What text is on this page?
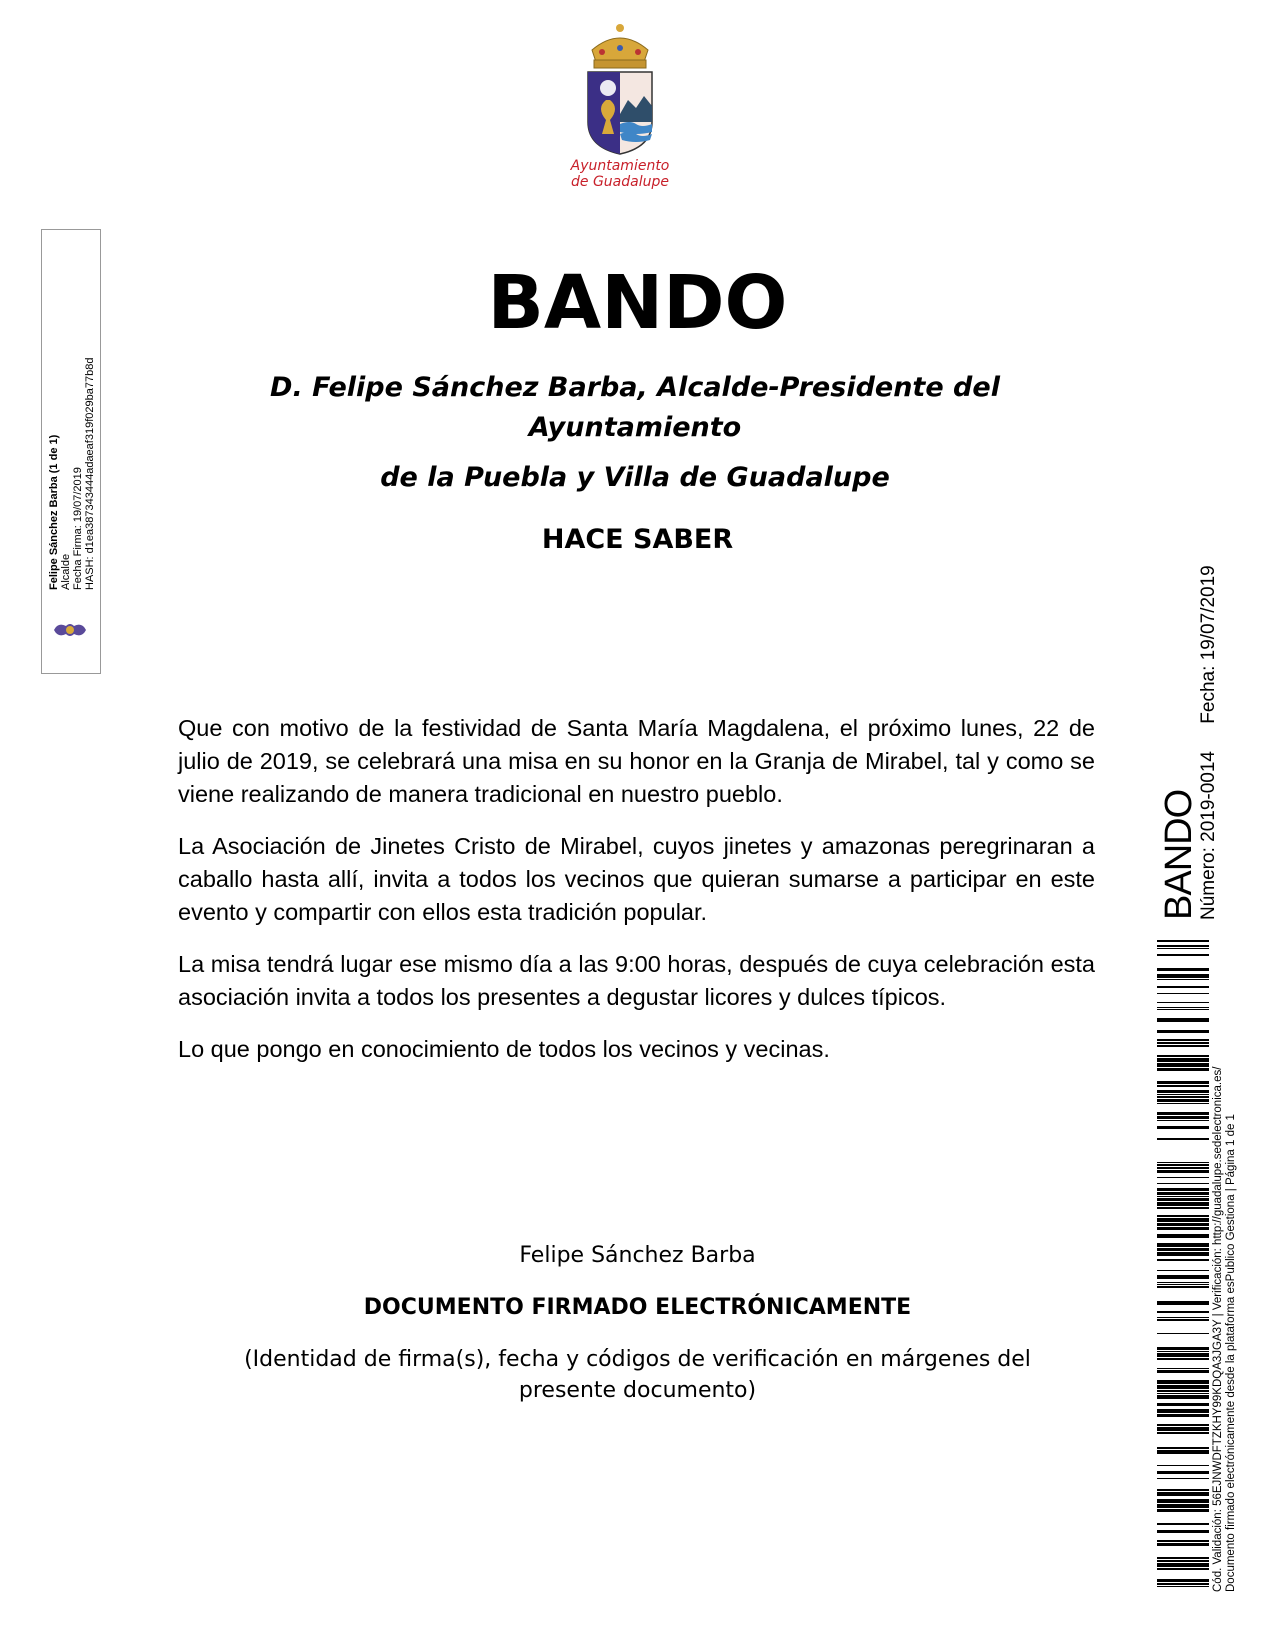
Ayuntamiento
de Guadalupe
Felipe Sánchez Barba (1 de 1) Alcalde Fecha Firma: 19/07/2019 HASH: d1ea387343444adaeaf319f029ba77b8d
BANDO
D. Felipe Sánchez Barba, Alcalde-Presidente del Ayuntamiento
de la Puebla y Villa de Guadalupe
HACE SABER

Que con motivo de la festividad de Santa María Magdalena, el próximo lunes, 22 de julio de 2019, se celebrará una misa en su honor en la Granja de Mirabel, tal y como se viene realizando de manera tradicional en nuestro pueblo.

La Asociación de Jinetes Cristo de Mirabel, cuyos jinetes y amazonas peregrinaran a caballo hasta allí, invita a todos los vecinos que quieran sumarse a participar en este evento y compartir con ellos esta tradición popular.

La misa tendrá lugar ese mismo día a las 9:00 horas, después de cuya celebración esta asociación invita a todos los presentes a degustar licores y dulces típicos.

Lo que pongo en conocimiento de todos los vecinos y vecinas.

Felipe Sánchez Barba
DOCUMENTO FIRMADO ELECTRÓNICAMENTE
(Identidad de firma(s), fecha y códigos de verificación en márgenes del presente documento)
BANDO
Número: 2019-0014 Fecha: 19/07/2019
Cód. Validación: 56EJNWDFTZKHY99KDQA3JGA3Y | Verificación: http://guadalupe.sedelectronica.es/ Documento firmado electrónicamente desde la plataforma esPublico Gestiona | Página 1 de 1
